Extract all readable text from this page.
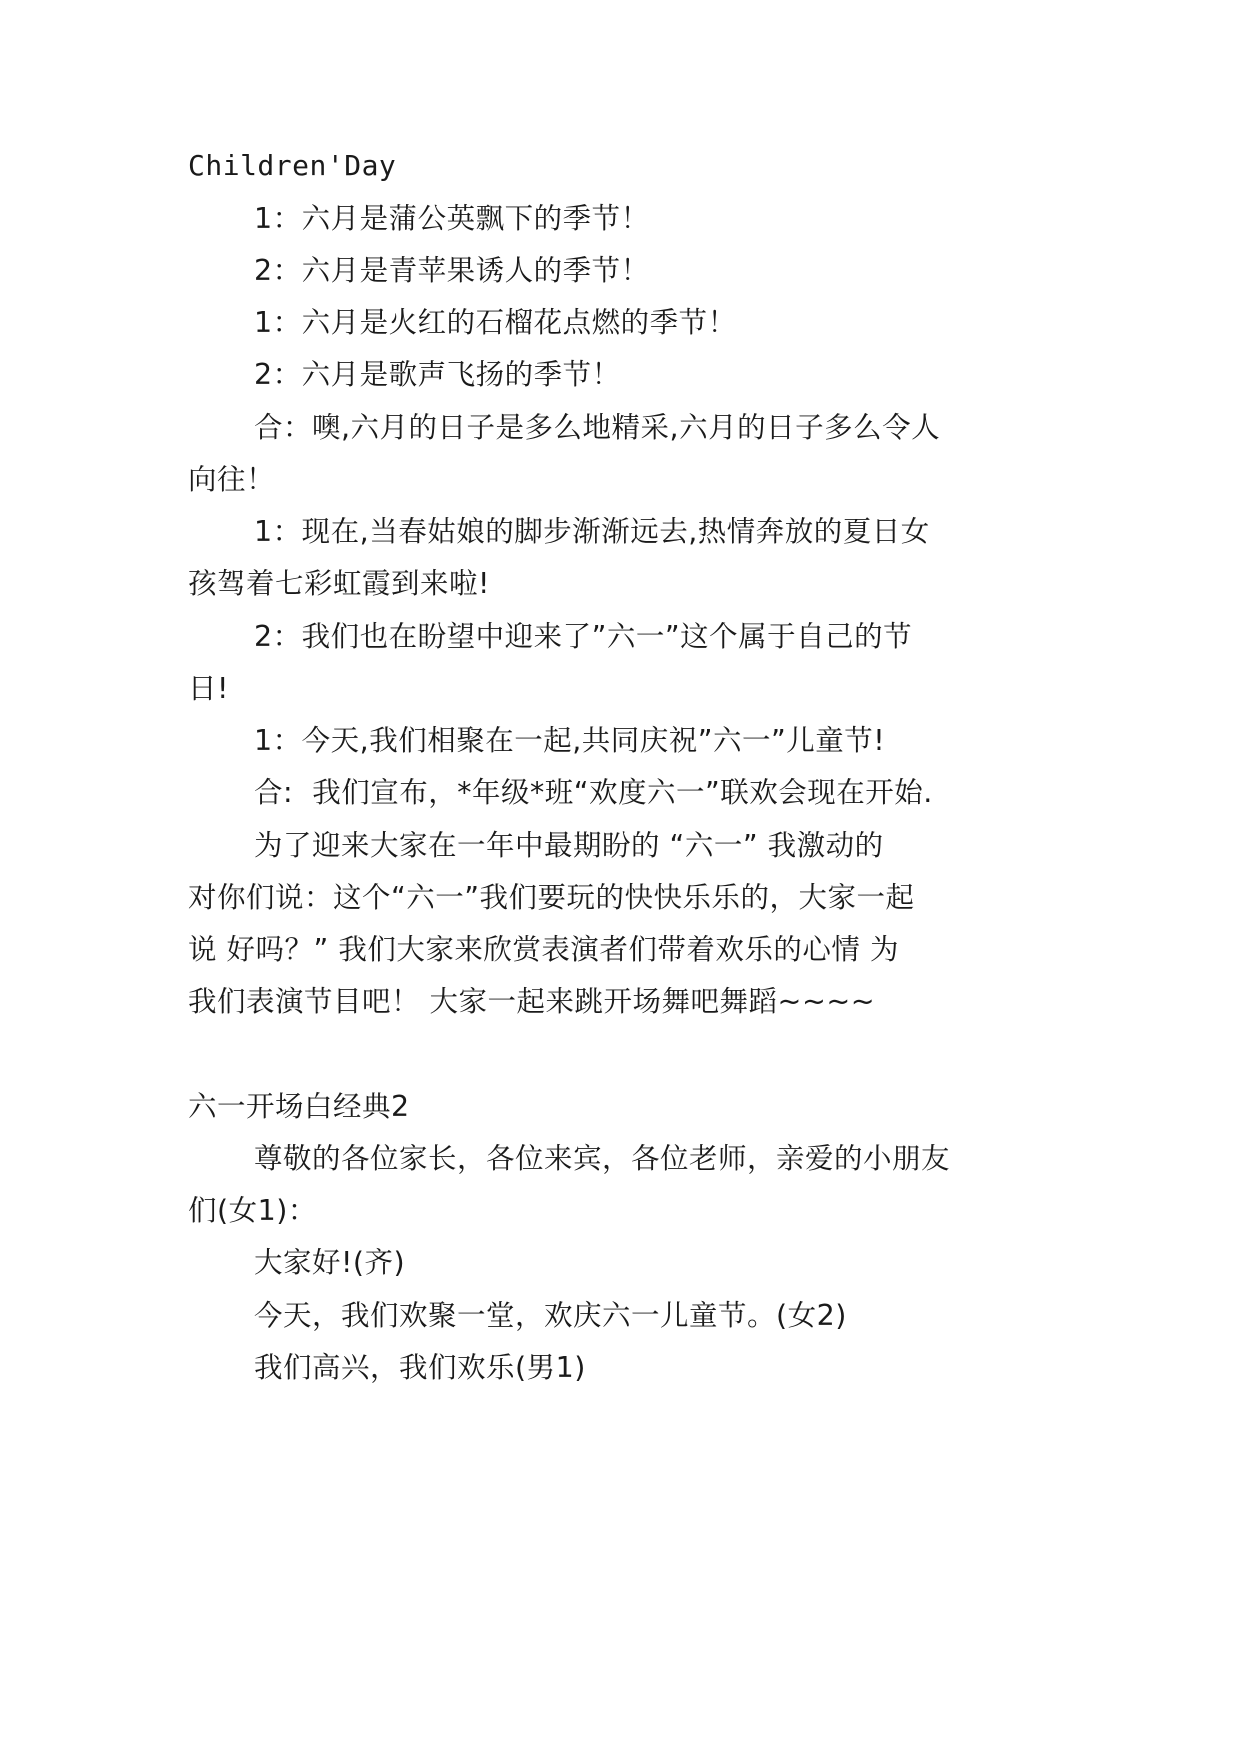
Children'Day
1：六月是蒲公英飘下的季节！
2：六月是青苹果诱人的季节！
1：六月是火红的石榴花点燃的季节！
2：六月是歌声飞扬的季节！
合：噢,六月的日子是多么地精采,六月的日子多么令人
向往！
1：现在,当春姑娘的脚步渐渐远去,热情奔放的夏日女
孩驾着七彩虹霞到来啦!
2：我们也在盼望中迎来了”六一”这个属于自己的节
日!
1：今天,我们相聚在一起,共同庆祝”六一”儿童节!
合:  我们宣布，*年级*班“欢度六一”联欢会现在开始.
为了迎来大家在一年中最期盼的 “六一” 我激动的
对你们说：这个“六一”我们要玩的快快乐乐的，大家一起
说 好吗？” 我们大家来欣赏表演者们带着欢乐的心情 为
我们表演节目吧！ 大家一起来跳开场舞吧舞蹈~~~~
六一开场白经典2
尊敬的各位家长，各位来宾，各位老师，亲爱的小朋友
们(女1)：
大家好!(齐)
今天，我们欢聚一堂，欢庆六一儿童节。(女2)
我们高兴，我们欢乐(男1)
